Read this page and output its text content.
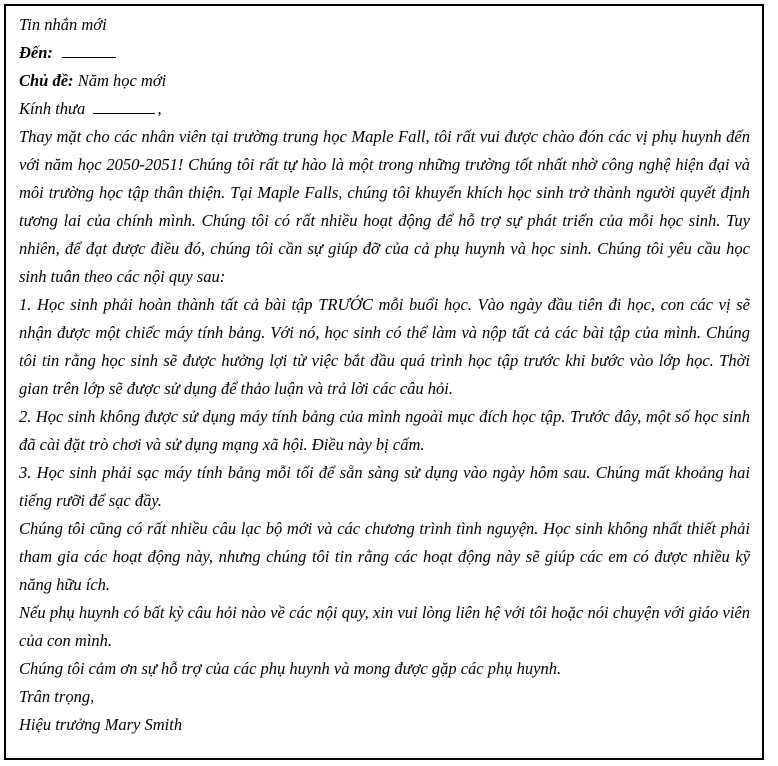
Tin nhắn mới
Đến:
Chủ đề: Năm học mới
Kính thưa	,
Thay mặt cho các nhân viên tại trường trung học Maple Fall, tôi rất vui được chào đón các vị phụ huynh đến với năm học 2050-2051! Chúng tôi rất tự hào là một trong những trường tốt nhất nhờ công nghệ hiện đại và môi trường học tập thân thiện. Tại Maple Falls, chúng tôi khuyến khích học sinh trở thành người quyết định tương lai của chính mình. Chúng tôi có rất nhiều hoạt động để hỗ trợ sự phát triển của mỗi học sinh. Tuy nhiên, để đạt được điều đó, chúng tôi cần sự giúp đỡ của cả phụ huynh và học sinh. Chúng tôi yêu cầu học sinh tuân theo các nội quy sau:
1. Học sinh phải hoàn thành tất cả bài tập TRƯỚC mỗi buổi học. Vào ngày đầu tiên đi học, con các vị sẽ nhận được một chiếc máy tính bảng. Với nó, học sinh có thể làm và nộp tất cả các bài tập của mình. Chúng tôi tin rằng học sinh sẽ được hưởng lợi từ việc bắt đầu quá trình học tập trước khi bước vào lớp học. Thời gian trên lớp sẽ được sử dụng để thảo luận và trả lời các câu hỏi.
2. Học sinh không được sử dụng máy tính bảng của mình ngoài mục đích học tập. Trước đây, một số học sinh đã cài đặt trò chơi và sử dụng mạng xã hội. Điều này bị cấm.
3. Học sinh phải sạc máy tính bảng mỗi tối để sẵn sàng sử dụng vào ngày hôm sau. Chúng mất khoảng hai tiếng rưỡi để sạc đầy.
Chúng tôi cũng có rất nhiều câu lạc bộ mới và các chương trình tình nguyện. Học sinh không nhất thiết phải tham gia các hoạt động này, nhưng chúng tôi tin rằng các hoạt động này sẽ giúp các em có được nhiều kỹ năng hữu ích.
Nếu phụ huynh có bất kỳ câu hỏi nào về các nội quy, xin vui lòng liên hệ với tôi hoặc nói chuyện với giáo viên của con mình.
Chúng tôi cảm ơn sự hỗ trợ của các phụ huynh và mong được gặp các phụ huynh.
Trân trọng,
Hiệu trưởng Mary Smith
